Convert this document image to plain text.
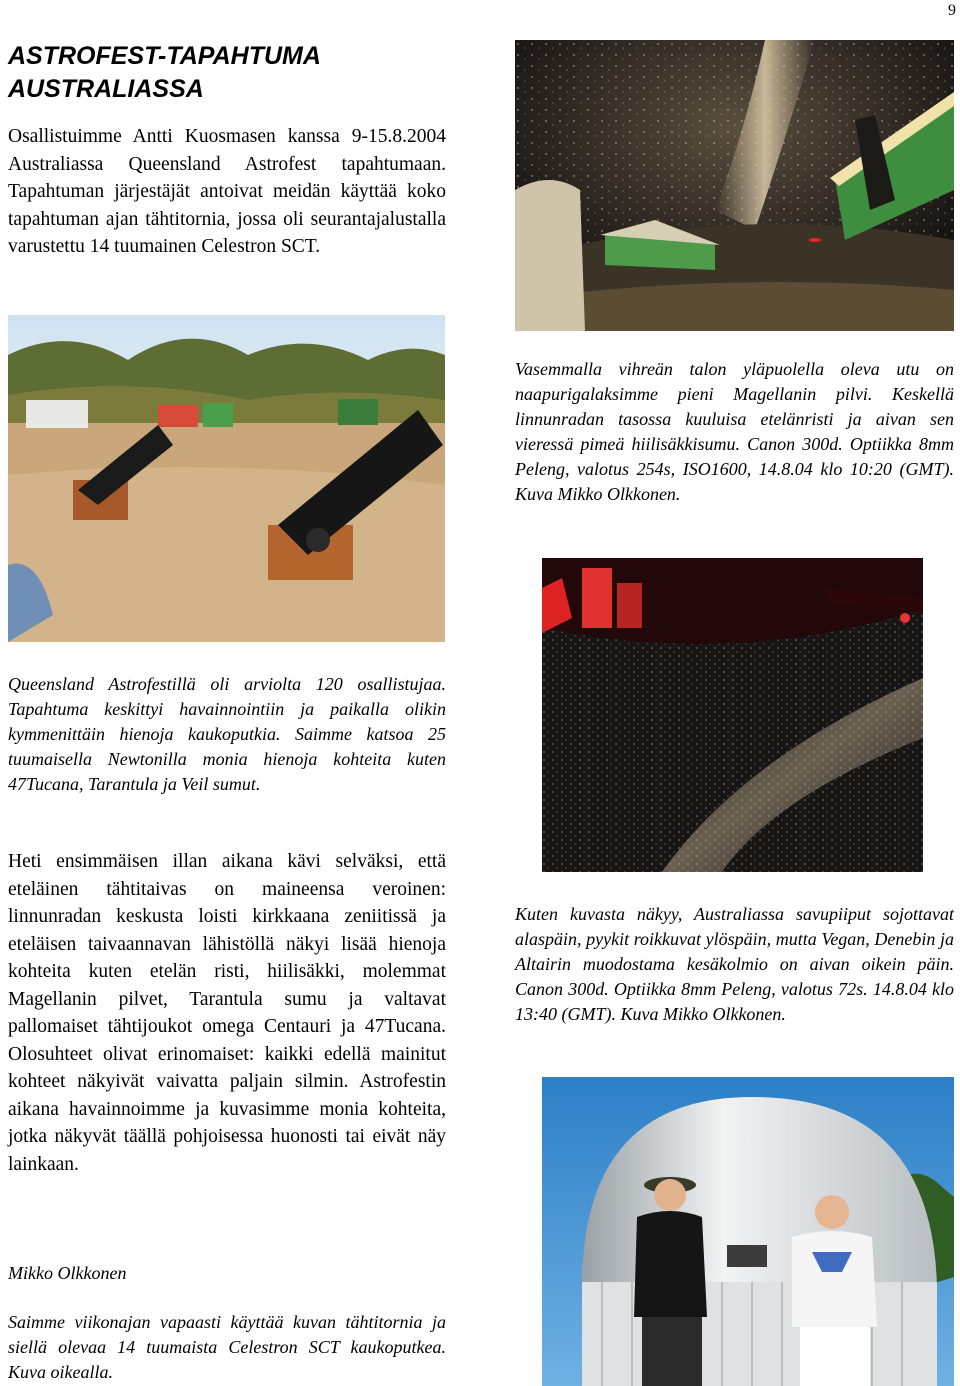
9
ASTROFEST-TAPAHTUMA
AUSTRALIASSA

Osallistuimme Antti Kuosmasen kanssa 9-15.8.2004 Australiassa Queensland Astrofest tapahtumaan. Tapahtuman järjestäjät antoivat meidän käyttää koko tapahtuman ajan tähtitornia, jossa oli seurantajalustalla varustettu 14 tuumainen Celestron SCT.

Vasemmalla vihreän talon yläpuolella oleva utu on naapurigalaksimme pieni Magellanin pilvi. Keskellä linnunradan tasossa kuuluisa etelänristi ja aivan sen vieressä pimeä hiilisäkkisumu. Canon 300d. Optiikka 8mm Peleng, valotus 254s, ISO1600, 14.8.04 klo 10:20 (GMT). Kuva Mikko Olkkonen.

Queensland Astrofestillä oli arviolta 120 osallistujaa. Tapahtuma keskittyi havainnointiin ja paikalla olikin kymmenittäin hienoja kaukoputkia. Saimme katsoa 25 tuumaisella Newtonilla monia hienoja kohteita kuten 47Tucana, Tarantula ja Veil sumut.

Heti ensimmäisen illan aikana kävi selväksi, että eteläinen tähtitaivas on maineensa veroinen: linnunradan keskusta loisti kirkkaana zeniitissä ja eteläisen taivaannavan lähistöllä näkyi lisää hienoja kohteita kuten etelän risti, hiilisäkki, molemmat Magellanin pilvet, Tarantula sumu ja valtavat pallomaiset tähtijoukot omega Centauri ja 47Tucana. Olosuhteet olivat erinomaiset: kaikki edellä mainitut kohteet näkyivät vaivatta paljain silmin. Astrofestin aikana havainnoimme ja kuvasimme monia kohteita, jotka näkyvät täällä pohjoisessa huonosti tai eivät näy lainkaan.

Kuten kuvasta näkyy, Australiassa savupiiput sojottavat alaspäin, pyykit roikkuvat ylöspäin, mutta Vegan, Denebin ja Altairin muodostama kesäkolmio on aivan oikein päin. Canon 300d. Optiikka 8mm Peleng, valotus 72s. 14.8.04 klo 13:40 (GMT). Kuva Mikko Olkkonen.

Mikko Olkkonen

Saimme viikonajan vapaasti käyttää kuvan tähtitornia ja siellä olevaa 14 tuumaista Celestron SCT kaukoputkea. Kuva oikealla.
